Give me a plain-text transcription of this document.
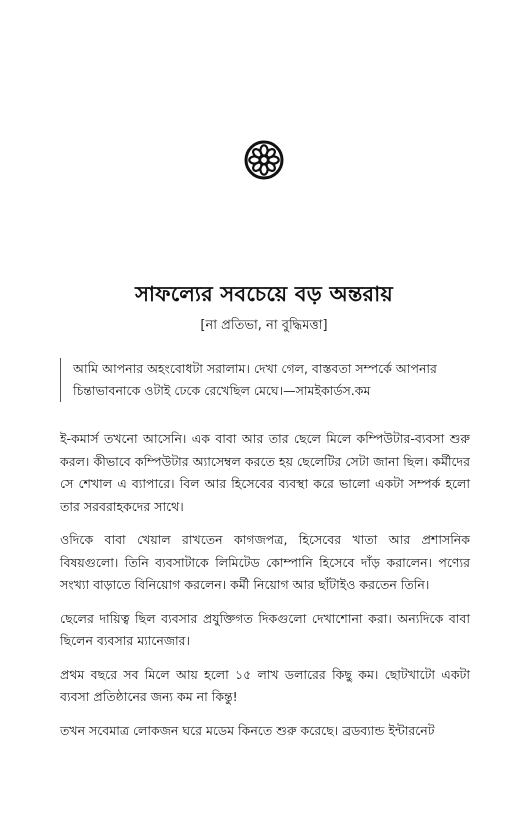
সাফল্যের সবচেয়ে বড় অন্তরায়
[না প্রতিভা, না বুদ্ধিমত্তা]
আমি আপনার অহংবোধটা সরালাম। দেখা গেল, বাস্তবতা সম্পর্কে আপনার চিন্তাভাবনাকে ওটাই ঢেকে রেখেছিল মেঘে।—সামইকার্ডস.কম

ই-কমার্স তখনো আসেনি। এক বাবা আর তার ছেলে মিলে কম্পিউটার-ব্যবসা শুরু করল। কীভাবে কম্পিউটার অ্যাসেম্বল করতে হয় ছেলেটির সেটা জানা ছিল। কর্মীদের সে শেখাল এ ব্যাপারে। বিল আর হিসেবের ব্যবস্থা করে ভালো একটা সম্পর্ক হলো তার সরবরাহকদের সাথে।

ওদিকে বাবা খেয়াল রাখতেন কাগজপত্র, হিসেবের খাতা আর প্রশাসনিক বিষয়গুলো। তিনি ব্যবসাটাকে লিমিটেড কোম্পানি হিসেবে দাঁড় করালেন। পণ্যের সংখ্যা বাড়াতে বিনিয়োগ করলেন। কর্মী নিয়োগ আর ছাঁটাইও করতেন তিনি।

ছেলের দায়িত্ব ছিল ব্যবসার প্রযুক্তিগত দিকগুলো দেখাশোনা করা। অন্যদিকে বাবা ছিলেন ব্যবসার ম্যানেজার।

প্রথম বছরে সব মিলে আয় হলো ১৫ লাখ ডলারের কিছু কম। ছোটখাটো একটা ব্যবসা প্রতিষ্ঠানের জন্য কম না কিন্তু!

তখন সবেমাত্র লোকজন ঘরে মডেম কিনতে শুরু করেছে। ব্রডব্যান্ড ইন্টারনেট
